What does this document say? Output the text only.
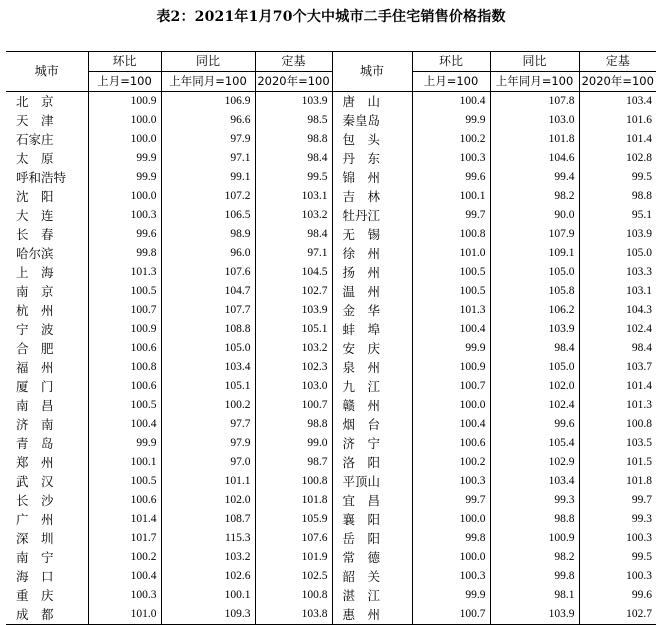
表2：2021年1月70个大中城市二手住宅销售价格指数
城市	环比	同比	定基	城市	环比	同比	定基
	上月=100	上年同月=100	2020年=100		上月=100	上年同月=100	2020年=100
北　京	100.9	106.9	103.9	唐　山	100.4	107.8	103.4
天　津	100.0	96.6	98.5	秦皇岛	99.9	103.0	101.6
石家庄	100.0	97.9	98.8	包　头	100.2	101.8	101.4
太　原	99.9	97.1	98.4	丹　东	100.3	104.6	102.8
呼和浩特	99.9	99.1	99.5	锦　州	99.6	99.4	99.5
沈　阳	100.0	107.2	103.1	吉　林	100.1	98.2	98.8
大　连	100.3	106.5	103.2	牡丹江	99.7	90.0	95.1
长　春	99.6	98.9	98.4	无　锡	100.8	107.9	103.9
哈尔滨	99.8	96.0	97.1	徐　州	101.0	109.1	105.0
上　海	101.3	107.6	104.5	扬　州	100.5	105.0	103.3
南　京	100.5	104.7	102.7	温　州	100.5	105.8	103.1
杭　州	100.7	107.7	103.9	金　华	101.3	106.2	104.3
宁　波	100.9	108.8	105.1	蚌　埠	100.4	103.9	102.4
合　肥	100.6	105.0	103.2	安　庆	99.9	98.4	98.4
福　州	100.8	103.4	102.3	泉　州	100.9	105.0	103.7
厦　门	100.6	105.1	103.0	九　江	100.7	102.0	101.4
南　昌	100.5	100.2	100.7	赣　州	100.0	102.4	101.3
济　南	100.4	97.7	98.8	烟　台	100.4	99.6	100.8
青　岛	99.9	97.9	99.0	济　宁	100.6	105.4	103.5
郑　州	100.1	97.0	98.7	洛　阳	100.2	102.9	101.5
武　汉	100.5	101.1	100.8	平顶山	100.3	103.4	101.8
长　沙	100.6	102.0	101.8	宜　昌	99.7	99.3	99.7
广　州	101.4	108.7	105.9	襄　阳	100.0	98.8	99.3
深　圳	101.7	115.3	107.6	岳　阳	99.8	100.9	100.3
南　宁	100.2	103.2	101.9	常　德	100.0	98.2	99.5
海　口	100.4	102.6	102.5	韶　关	100.3	99.8	100.3
重　庆	100.3	100.1	100.8	湛　江	99.9	98.1	99.6
成　都	101.0	109.3	103.8	惠　州	100.7	103.9	102.7
